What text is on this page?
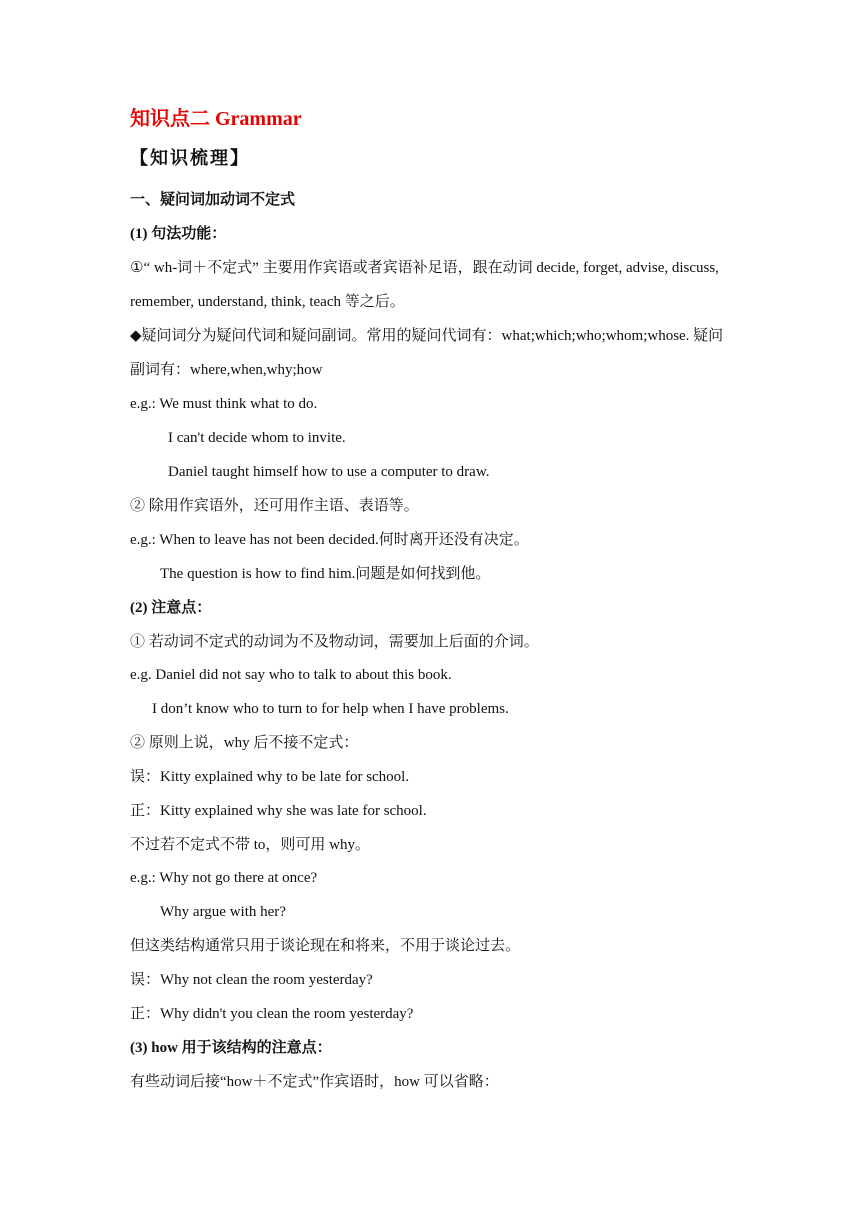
知识点二 Grammar
【知识梳理】
一、疑问词加动词不定式
(1) 句法功能：
①“ wh-词＋不定式” 主要用作宾语或者宾语补足语，跟在动词 decide, forget, advise, discuss,
remember, understand, think, teach 等之后。
◆疑问词分为疑问代词和疑问副词。常用的疑问代词有：what;which;who;whom;whose. 疑问
副词有：where,when,why;how
e.g.: We must think what to do.
I can't decide whom to invite.
Daniel taught himself how to use a computer to draw.
② 除用作宾语外，还可用作主语、表语等。
e.g.: When to leave has not been decided.何时离开还没有决定。
The question is how to find him.问题是如何找到他。
(2) 注意点：
① 若动词不定式的动词为不及物动词，需要加上后面的介词。
e.g. Daniel did not say who to talk to about this book.
I don’t know who to turn to for help when I have problems.
② 原则上说，why 后不接不定式：
误：Kitty explained why to be late for school.
正：Kitty explained why she was late for school.
不过若不定式不带 to，则可用 why。
e.g.: Why not go there at once?
Why argue with her?
但这类结构通常只用于谈论现在和将来，不用于谈论过去。
误：Why not clean the room yesterday?
正：Why didn't you clean the room yesterday?
(3) how 用于该结构的注意点：
有些动词后接“how＋不定式”作宾语时，how 可以省略：
